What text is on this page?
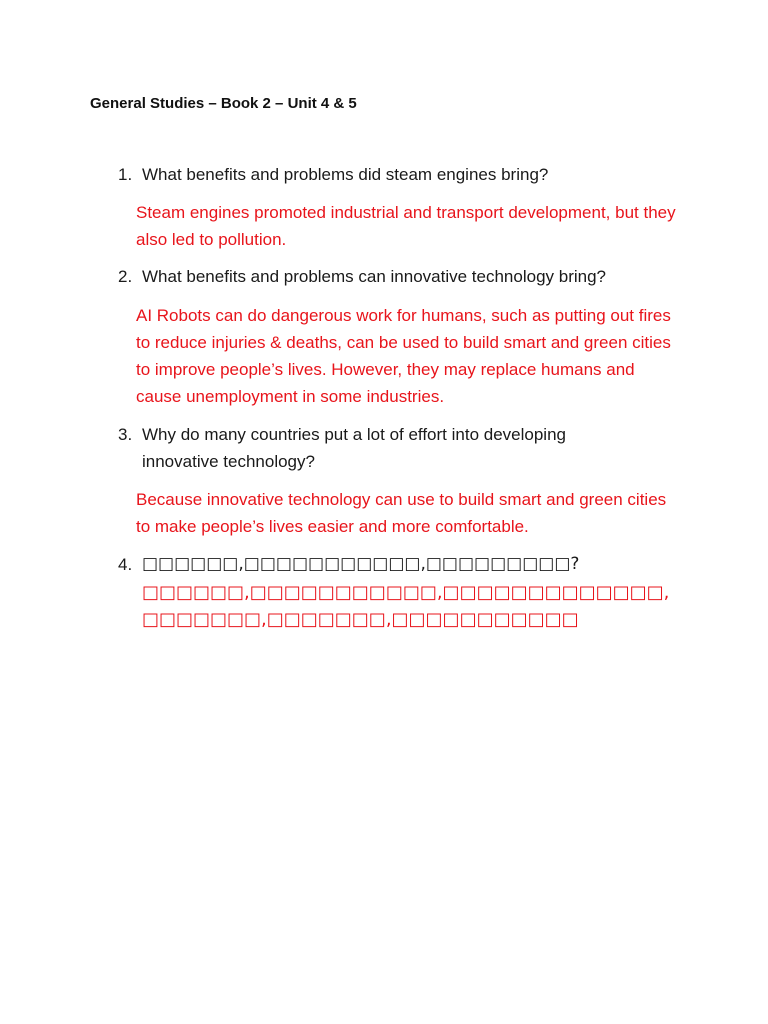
General Studies – Book 2 – Unit 4 & 5
1. What benefits and problems did steam engines bring?
Steam engines promoted industrial and transport development, but they also led to pollution.
2. What benefits and problems can innovative technology bring?
AI Robots can do dangerous work for humans, such as putting out fires to reduce injuries & deaths, can be used to build smart and green cities to improve people’s lives. However, they may replace humans and cause unemployment in some industries.
3. Why do many countries put a lot of effort into developing innovative technology?
Because innovative technology can use to build smart and green cities to make people’s lives easier and more comfortable.
4. □□□□□□,□□□□□□□□□□□,□□□□□□□□□?
□□□□□□,□□□□□□□□□□□,□□□□□□□□□□□□□,□□□□□□□,□□□□□□□,□□□□□□□□□□□
